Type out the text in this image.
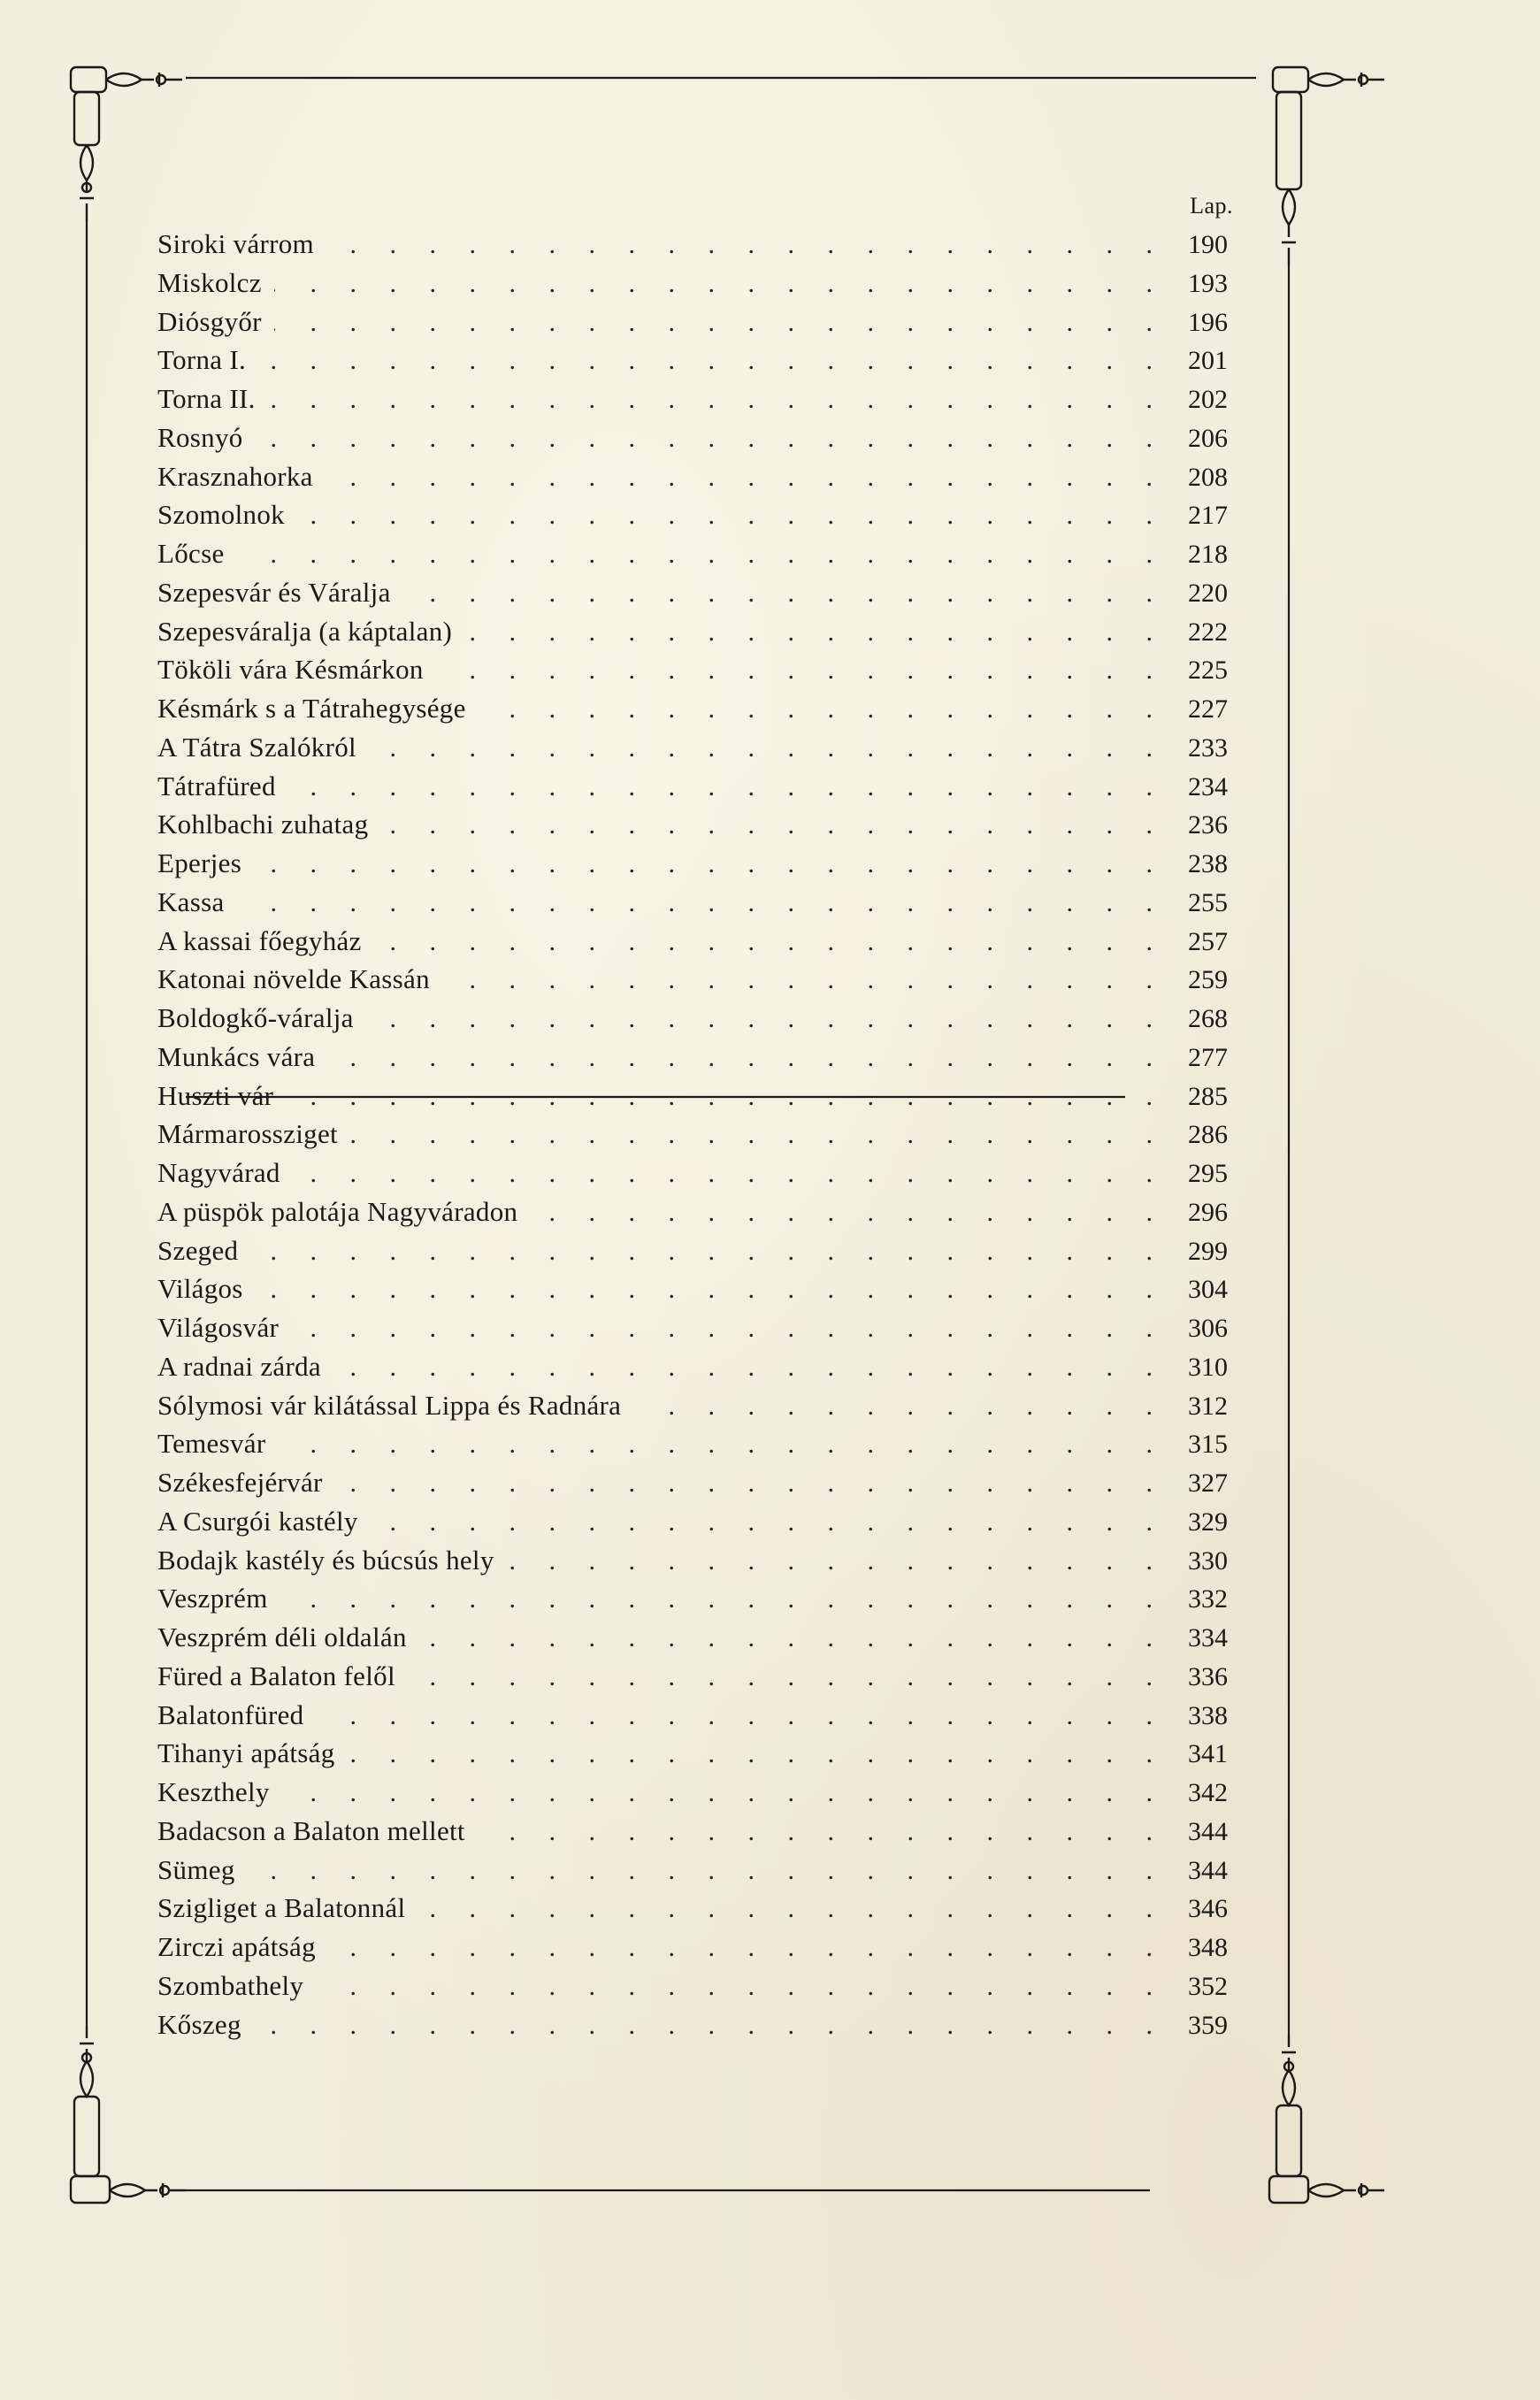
Lap.
Siroki várrom . . .	190
Miskolcz . . .	193
Diósgyőr . . .	196
Torna I. . . .	201
Torna II. . . .	202
Rosnyó . . .	206
Krasznahorka . . .	208
Szomolnok . . .	217
Lőcse . . .	218
Szepesvár és Váralja . . .	220
Szepesváralja (a káptalan) . . .	222
Tököli vára Késmárkon . . .	225
Késmárk s a Tátrahegysége . . .	227
A Tátra Szalókról . . .	233
Tátrafüred . . .	234
Kohlbachi zuhatag . . .	236
Eperjes . . .	238
Kassa . . .	255
A kassai főegyház . . .	257
Katonai növelde Kassán . . .	259
Boldogkő-váralja . . .	268
Munkács vára . . .	277
Huszti vár . . .	285
Mármarossziget . . .	286
Nagyvárad . . .	295
A püspök palotája Nagyváradon . . .	296
Szeged . . .	299
Világos . . .	304
Világosvár . . .	306
A radnai zárda . . .	310
Sólymosi vár kilátással Lippa és Radnára . . .	312
Temesvár . . .	315
Székesfejérvár . . .	327
A Csurgói kastély . . .	329
Bodajk kastély és búcsús hely . . .	330
Veszprém . . .	332
Veszprém déli oldalán . . .	334
Füred a Balaton felől . . .	336
Balatonfüred . . .	338
Tihanyi apátság . . .	341
Keszthely . . .	342
Badacson a Balaton mellett . . .	344
Sümeg . . .	344
Szigliget a Balatonnál . . .	346
Zirczi apátság . . .	348
Szombathely . . .	352
Kőszeg . . .	359
